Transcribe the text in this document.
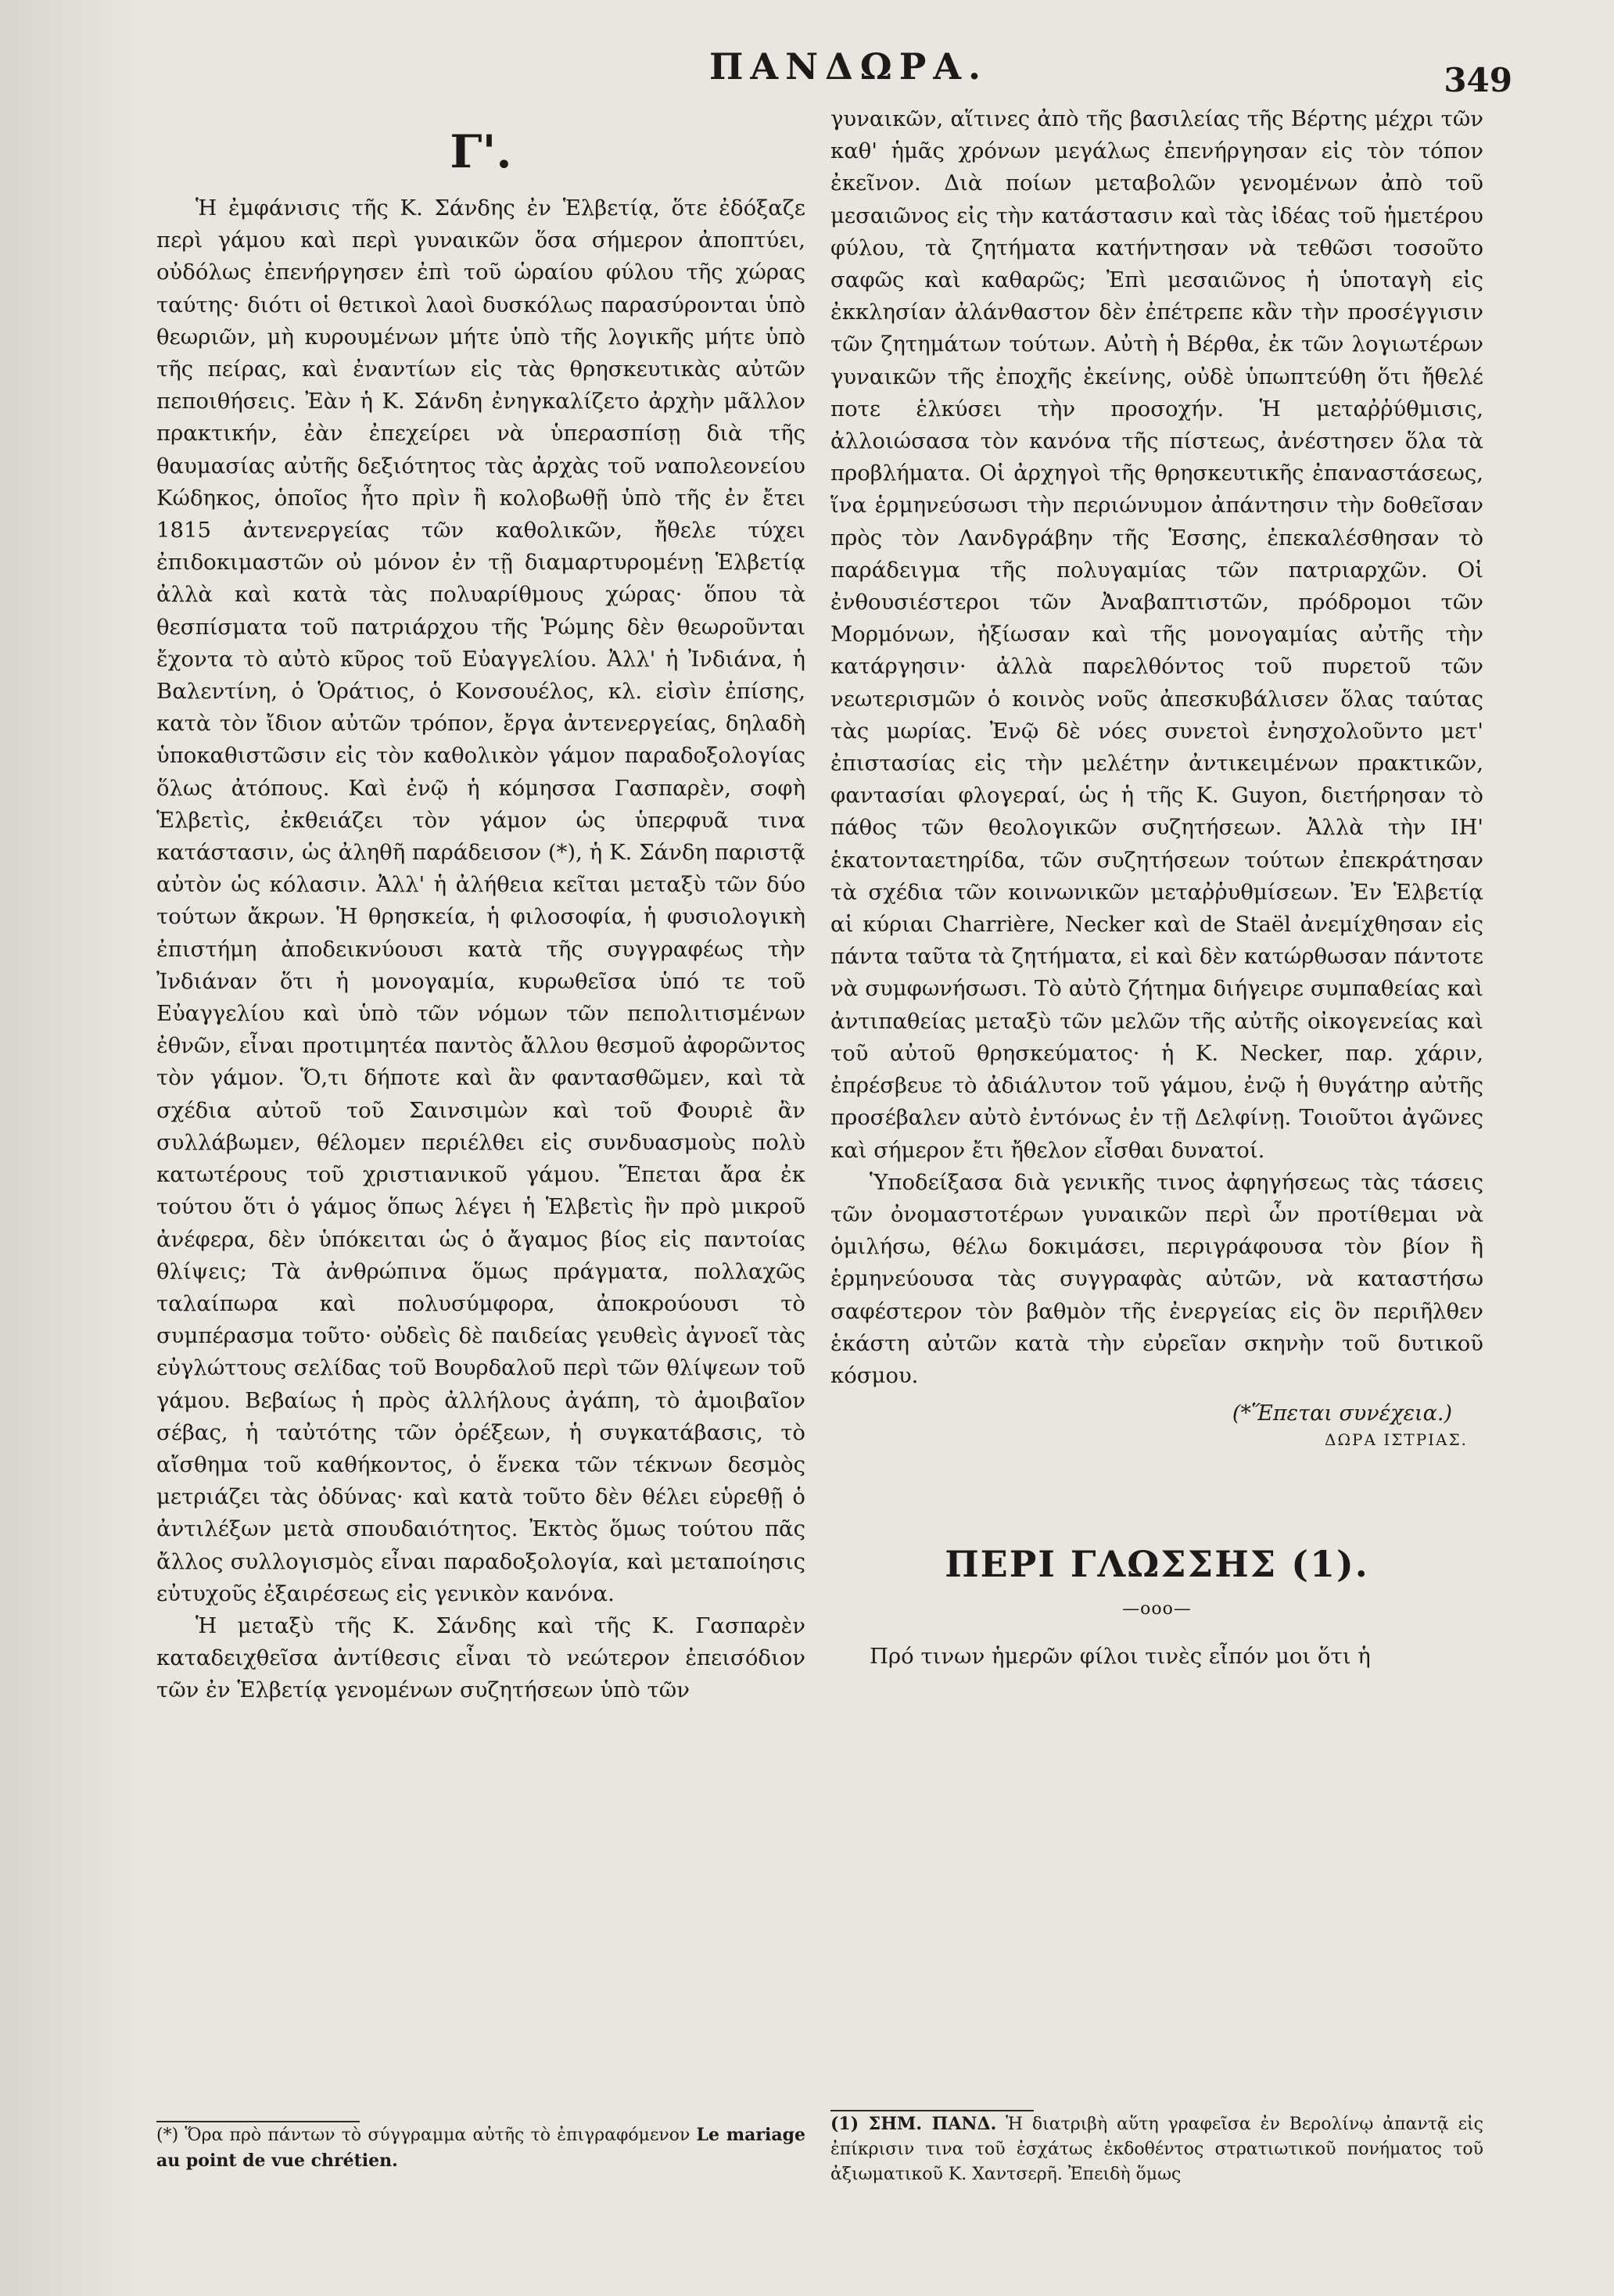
ΠΑΝΔΩΡΑ.	349
Γ'.

Ἡ ἐμφάνισις τῆς Κ. Σάνδης ἐν Ἑλβετίᾳ, ὅτε ἐδόξαζε περὶ γάμου καὶ περὶ γυναικῶν ὅσα σήμερον ἀποπτύει, οὐδόλως ἐπενήργησεν ἐπὶ τοῦ ὡραίου φύλου τῆς χώρας ταύτης· διότι οἱ θετικοὶ λαοὶ δυσκόλως παρασύρονται ὑπὸ θεωριῶν, μὴ κυρουμένων μήτε ὑπὸ τῆς λογικῆς μήτε ὑπὸ τῆς πείρας, καὶ ἐναντίων εἰς τὰς θρησκευτικὰς αὐτῶν πεποιθήσεις. Ἐὰν ἡ Κ. Σάνδη ἐνηγκαλίζετο ἀρχὴν μᾶλλον πρακτικήν, ἐὰν ἐπεχείρει νὰ ὑπερασπίσῃ διὰ τῆς θαυμασίας αὐτῆς δεξιότητος τὰς ἀρχὰς τοῦ ναπολεονείου Κώδηκος, ὁποῖος ἦτο πρὶν ἢ κολοβωθῇ ὑπὸ τῆς ἐν ἔτει 1815 ἀντενεργείας τῶν καθολικῶν, ἤθελε τύχει ἐπιδοκιμαστῶν οὐ μόνον ἐν τῇ διαμαρτυρομένῃ Ἑλβετίᾳ ἀλλὰ καὶ κατὰ τὰς πολυαρίθμους χώρας· ὅπου τὰ θεσπίσματα τοῦ πατριάρχου τῆς Ῥώμης δὲν θεωροῦνται ἔχοντα τὸ αὐτὸ κῦρος τοῦ Εὐαγγελίου. Ἀλλ' ἡ Ἰνδιάνα, ἡ Βαλεντίνη, ὁ Ὁράτιος, ὁ Κονσουέλος, κλ. εἰσὶν ἐπίσης, κατὰ τὸν ἴδιον αὐτῶν τρόπον, ἔργα ἀντενεργείας, δηλαδὴ ὑποκαθιστῶσιν εἰς τὸν καθολικὸν γάμον παραδοξολογίας ὅλως ἀτόπους. Καὶ ἐνῷ ἡ κόμησσα Γασπαρὲν, σοφὴ Ἑλβετὶς, ἐκθειάζει τὸν γάμον ὡς ὑπερφυᾶ τινα κατάστασιν, ὡς ἀληθῆ παράδεισον (*), ἡ Κ. Σάνδη παριστᾷ αὐτὸν ὡς κόλασιν. Ἀλλ' ἡ ἀλήθεια κεῖται μεταξὺ τῶν δύο τούτων ἄκρων. Ἡ θρησκεία, ἡ φιλοσοφία, ἡ φυσιολογικὴ ἐπιστήμη ἀποδεικνύουσι κατὰ τῆς συγγραφέως τὴν Ἰνδιάναν ὅτι ἡ μονογαμία, κυρωθεῖσα ὑπό τε τοῦ Εὐαγγελίου καὶ ὑπὸ τῶν νόμων τῶν πεπολιτισμένων ἐθνῶν, εἶναι προτιμητέα παντὸς ἄλλου θεσμοῦ ἀφορῶντος τὸν γάμον. Ὅ,τι δήποτε καὶ ἂν φαντασθῶμεν, καὶ τὰ σχέδια αὐτοῦ τοῦ Σαινσιμὼν καὶ τοῦ Φουριὲ ἂν συλλάβωμεν, θέλομεν περιέλθει εἰς συνδυασμοὺς πολὺ κατωτέρους τοῦ χριστιανικοῦ γάμου. Ἕπεται ἄρα ἐκ τούτου ὅτι ὁ γάμος ὅπως λέγει ἡ Ἑλβετὶς ἣν πρὸ μικροῦ ἀνέφερα, δὲν ὑπόκειται ὡς ὁ ἄγαμος βίος εἰς παντοίας θλίψεις; Τὰ ἀνθρώπινα ὅμως πράγματα, πολλαχῶς ταλαίπωρα καὶ πολυσύμφορα, ἀποκρούουσι τὸ συμπέρασμα τοῦτο· οὐδεὶς δὲ παιδείας γευθεὶς ἀγνοεῖ τὰς εὐγλώττους σελίδας τοῦ Βουρδαλοῦ περὶ τῶν θλίψεων τοῦ γάμου. Βεβαίως ἡ πρὸς ἀλλήλους ἀγάπη, τὸ ἀμοιβαῖον σέβας, ἡ ταὐτότης τῶν ὀρέξεων, ἡ συγκατάβασις, τὸ αἴσθημα τοῦ καθήκοντος, ὁ ἕνεκα τῶν τέκνων δεσμὸς μετριάζει τὰς ὀδύνας· καὶ κατὰ τοῦτο δὲν θέλει εὑρεθῇ ὁ ἀντιλέξων μετὰ σπουδαιότητος. Ἐκτὸς ὅμως τούτου πᾶς ἄλλος συλλογισμὸς εἶναι παραδοξολογία, καὶ μεταποίησις εὐτυχοῦς ἐξαιρέσεως εἰς γενικὸν κανόνα.

Ἡ μεταξὺ τῆς Κ. Σάνδης καὶ τῆς Κ. Γασπαρὲν καταδειχθεῖσα ἀντίθεσις εἶναι τὸ νεώτερον ἐπεισόδιον τῶν ἐν Ἑλβετίᾳ γενομένων συζητήσεων ὑπὸ τῶν

γυναικῶν, αἵτινες ἀπὸ τῆς βασιλείας τῆς Βέρτης μέχρι τῶν καθ' ἡμᾶς χρόνων μεγάλως ἐπενήργησαν εἰς τὸν τόπον ἐκεῖνον. Διὰ ποίων μεταβολῶν γενομένων ἀπὸ τοῦ μεσαιῶνος εἰς τὴν κατάστασιν καὶ τὰς ἰδέας τοῦ ἡμετέρου φύλου, τὰ ζητήματα κατήντησαν νὰ τεθῶσι τοσοῦτο σαφῶς καὶ καθαρῶς; Ἐπὶ μεσαιῶνος ἡ ὑποταγὴ εἰς ἐκκλησίαν ἀλάνθαστον δὲν ἐπέτρεπε κἂν τὴν προσέγγισιν τῶν ζητημάτων τούτων. Αὐτὴ ἡ Βέρθα, ἐκ τῶν λογιωτέρων γυναικῶν τῆς ἐποχῆς ἐκείνης, οὐδὲ ὑπωπτεύθη ὅτι ἤθελέ ποτε ἑλκύσει τὴν προσοχήν. Ἡ μεταῤῥύθμισις, ἀλλοιώσασα τὸν κανόνα τῆς πίστεως, ἀνέστησεν ὅλα τὰ προβλήματα. Οἱ ἀρχηγοὶ τῆς θρησκευτικῆς ἐπαναστάσεως, ἵνα ἑρμηνεύσωσι τὴν περιώνυμον ἀπάντησιν τὴν δοθεῖσαν πρὸς τὸν Λανδγράβην τῆς Ἑσσης, ἐπεκαλέσθησαν τὸ παράδειγμα τῆς πολυγαμίας τῶν πατριαρχῶν. Οἱ ἐνθουσιέστεροι τῶν Ἀναβαπτιστῶν, πρόδρομοι τῶν Μορμόνων, ἠξίωσαν καὶ τῆς μονογαμίας αὐτῆς τὴν κατάργησιν· ἀλλὰ παρελθόντος τοῦ πυρετοῦ τῶν νεωτερισμῶν ὁ κοινὸς νοῦς ἀπεσκυβάλισεν ὅλας ταύτας τὰς μωρίας. Ἐνῷ δὲ νόες συνετοὶ ἐνησχολοῦντο μετ' ἐπιστασίας εἰς τὴν μελέτην ἀντικειμένων πρακτικῶν, φαντασίαι φλογεραί, ὡς ἡ τῆς Κ. Guyon, διετήρησαν τὸ πάθος τῶν θεολογικῶν συζητήσεων. Ἀλλὰ τὴν ΙΗ' ἑκατονταετηρίδα, τῶν συζητήσεων τούτων ἐπεκράτησαν τὰ σχέδια τῶν κοινωνικῶν μεταῤῥυθμίσεων. Ἐν Ἑλβετίᾳ αἱ κύριαι Charrière, Necker καὶ de Staël ἀνεμίχθησαν εἰς πάντα ταῦτα τὰ ζητήματα, εἰ καὶ δὲν κατώρθωσαν πάντοτε νὰ συμφωνήσωσι. Τὸ αὐτὸ ζήτημα διήγειρε συμπαθείας καὶ ἀντιπαθείας μεταξὺ τῶν μελῶν τῆς αὐτῆς οἰκογενείας καὶ τοῦ αὐτοῦ θρησκεύματος· ἡ Κ. Necker, παρ. χάριν, ἐπρέσβευε τὸ ἀδιάλυτον τοῦ γάμου, ἐνῷ ἡ θυγάτηρ αὐτῆς προσέβαλεν αὐτὸ ἐντόνως ἐν τῇ Δελφίνῃ. Τοιοῦτοι ἀγῶνες καὶ σήμερον ἔτι ἤθελον εἶσθαι δυνατοί.

Ὑποδείξασα διὰ γενικῆς τινος ἀφηγήσεως τὰς τάσεις τῶν ὀνομαστοτέρων γυναικῶν περὶ ὧν προτίθεμαι νὰ ὁμιλήσω, θέλω δοκιμάσει, περιγράφουσα τὸν βίον ἢ ἑρμηνεύουσα τὰς συγγραφὰς αὐτῶν, νὰ καταστήσω σαφέστερον τὸν βαθμὸν τῆς ἐνεργείας εἰς ὃν περιῆλθεν ἑκάστη αὐτῶν κατὰ τὴν εὐρεῖαν σκηνὴν τοῦ δυτικοῦ κόσμου.

(*Ἕπεται συνέχεια.)
ΔΩΡΑ ΙΣΤΡΙΑΣ.
ΠΕΡΙ ΓΛΩΣΣΗΣ (1).
—ooo—

Πρό τινων ἡμερῶν φίλοι τινὲς εἶπόν μοι ὅτι ἡ

(*) Ὅρα πρὸ πάντων τὸ σύγγραμμα αὐτῆς τὸ ἐπιγραφόμενον Le mariage au point de vue chrétien.

(1) ΣΗΜ. ΠΑΝΔ. Ἡ διατριβὴ αὕτη γραφεῖσα ἐν Βερολίνῳ ἀπαντᾷ εἰς ἐπίκρισιν τινα τοῦ ἐσχάτως ἐκδοθέντος στρατιωτικοῦ πονήματος τοῦ ἀξιωματικοῦ Κ. Χαντσερῆ. Ἐπειδὴ ὅμως
